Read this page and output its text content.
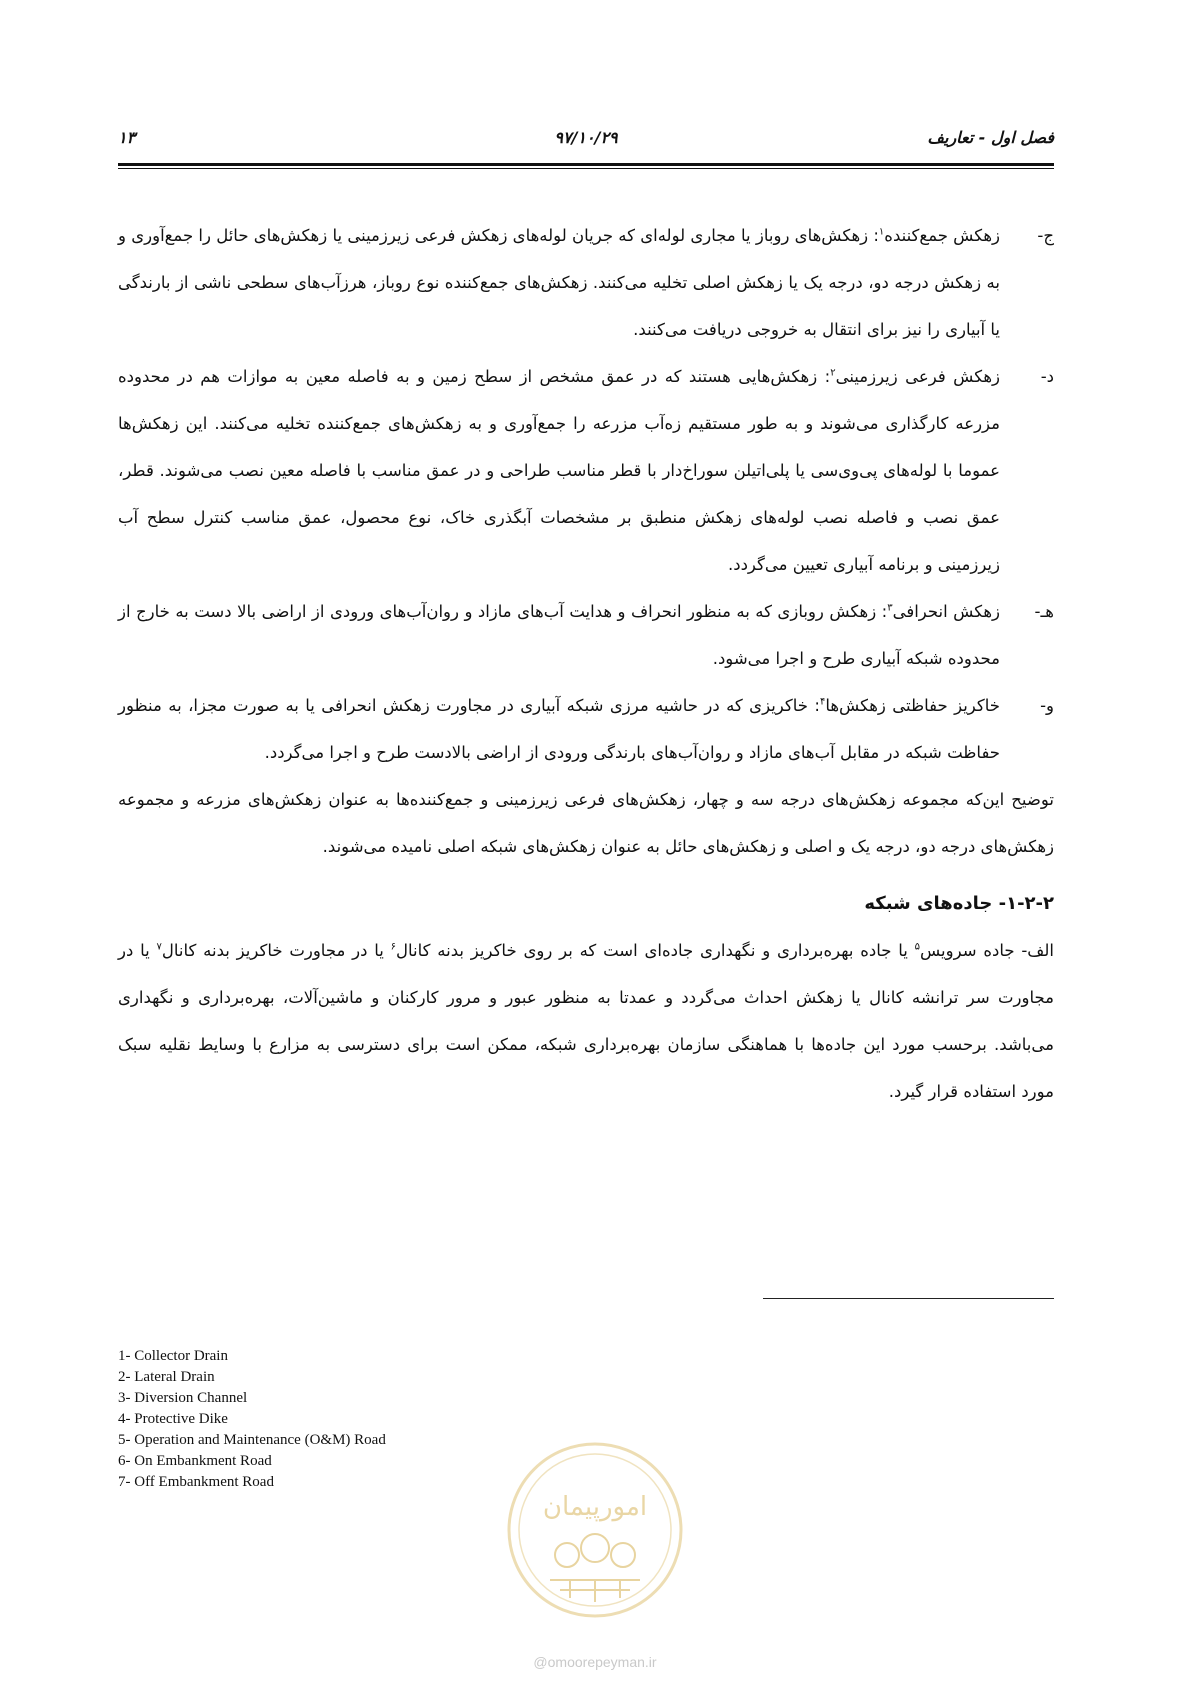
فصل اول - تعاریف
۹۷/۱۰/۲۹
۱۳
ج-
زهکش جمع‌کننده$^۱$: زهکش‌های روباز یا مجاری لوله‌ای که جریان لوله‌های زهکش فرعی زیرزمینی یا زهکش‌های حائل را جمع‌آوری و به زهکش درجه دو، درجه یک یا زهکش اصلی تخلیه می‌کنند. زهکش‌های جمع‌کننده نوع روباز، هرزآب‌های سطحی ناشی از بارندگی یا آبیاری را نیز برای انتقال به خروجی دریافت می‌کنند.
د-
زهکش فرعی زیرزمینی$^۲$: زهکش‌هایی هستند که در عمق مشخص از سطح زمین و به فاصله معین به موازات هم در محدوده مزرعه کارگذاری می‌شوند و به طور مستقیم زه‌آب مزرعه را جمع‌آوری و به زهکش‌های جمع‌کننده تخلیه می‌کنند. این زهکش‌ها عموما با لوله‌های پی‌وی‌سی یا پلی‌اتیلن سوراخ‌دار با قطر مناسب طراحی و در عمق مناسب با فاصله معین نصب می‌شوند. قطر، عمق نصب و فاصله نصب لوله‌های زهکش منطبق بر مشخصات آبگذری خاک، نوع محصول، عمق مناسب کنترل سطح آب زیرزمینی و برنامه آبیاری تعیین می‌گردد.
هـ-
زهکش انحرافی$^۳$: زهکش روبازی که به منظور انحراف و هدایت آب‌های مازاد و روان‌آب‌های ورودی از اراضی بالا دست به خارج از محدوده شبکه آبیاری طرح و اجرا می‌شود.
و-
خاکریز حفاظتی زهکش‌ها$^۴$: خاکریزی که در حاشیه مرزی شبکه آبیاری در مجاورت زهکش انحرافی یا به صورت مجزا، به منظور حفاظت شبکه در مقابل آب‌های مازاد و روان‌آب‌های بارندگی ورودی از اراضی بالادست طرح و اجرا می‌گردد.

توضیح این‌که مجموعه زهکش‌های درجه سه و چهار، زهکش‌های فرعی زیرزمینی و جمع‌کننده‌ها به عنوان زهکش‌های مزرعه و مجموعه زهکش‌های درجه دو، درجه یک و اصلی و زهکش‌های حائل به عنوان زهکش‌های شبکه اصلی نامیده می‌شوند.

۱-۲-۲- جاده‌های شبکه

الف- جاده سرویس$^۵$ یا جاده بهره‌برداری و نگهداری جاده‌ای است که بر روی خاکریز بدنه کانال$^۶$ یا در مجاورت خاکریز بدنه کانال$^۷$ یا در مجاورت سر ترانشه کانال یا زهکش احداث می‌گردد و عمدتا به منظور عبور و مرور کارکنان و ماشین‌آلات، بهره‌برداری و نگهداری می‌باشد. برحسب مورد این جاده‌ها با هماهنگی سازمان بهره‌برداری شبکه، ممکن است برای دسترسی به مزارع با وسایط نقلیه سبک مورد استفاده قرار گیرد.

1- Collector Drain
2- Lateral Drain
3- Diversion Channel
4- Protective Dike
5- Operation and Maintenance (O&M) Road
6- On Embankment Road
7- Off Embankment Road
امورپیمان
@omoorepeyman.ir
